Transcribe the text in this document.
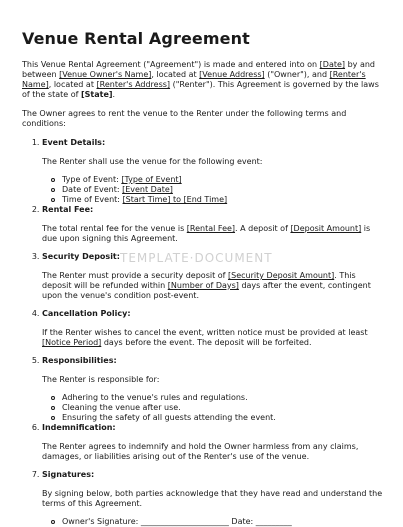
Venue Rental Agreement

This Venue Rental Agreement ("Agreement") is made and entered into on [Date] by and between [Venue Owner's Name], located at [Venue Address] ("Owner"), and [Renter's Name], located at [Renter's Address] ("Renter"). This Agreement is governed by the laws of the state of [State].

The Owner agrees to rent the venue to the Renter under the following terms and conditions:

1. Event Details:

The Renter shall use the venue for the following event:

Type of Event: [Type of Event]
Date of Event: [Event Date]
Time of Event: [Start Time] to [End Time]

2. Rental Fee:

The total rental fee for the venue is [Rental Fee]. A deposit of [Deposit Amount] is due upon signing this Agreement.

3. Security Deposit:

The Renter must provide a security deposit of [Security Deposit Amount]. This deposit will be refunded within [Number of Days] days after the event, contingent upon the venue's condition post-event.

4. Cancellation Policy:

If the Renter wishes to cancel the event, written notice must be provided at least [Notice Period] days before the event. The deposit will be forfeited.

5. Responsibilities:

The Renter is responsible for:

Adhering to the venue's rules and regulations.
Cleaning the venue after use.
Ensuring the safety of all guests attending the event.

6. Indemnification:

The Renter agrees to indemnify and hold the Owner harmless from any claims, damages, or liabilities arising out of the Renter's use of the venue.

7. Signatures:

By signing below, both parties acknowledge that they have read and understand the terms of this Agreement.

Owner's Signature: ______________________ Date: _________
TEMPLATE·DOCUMENT
